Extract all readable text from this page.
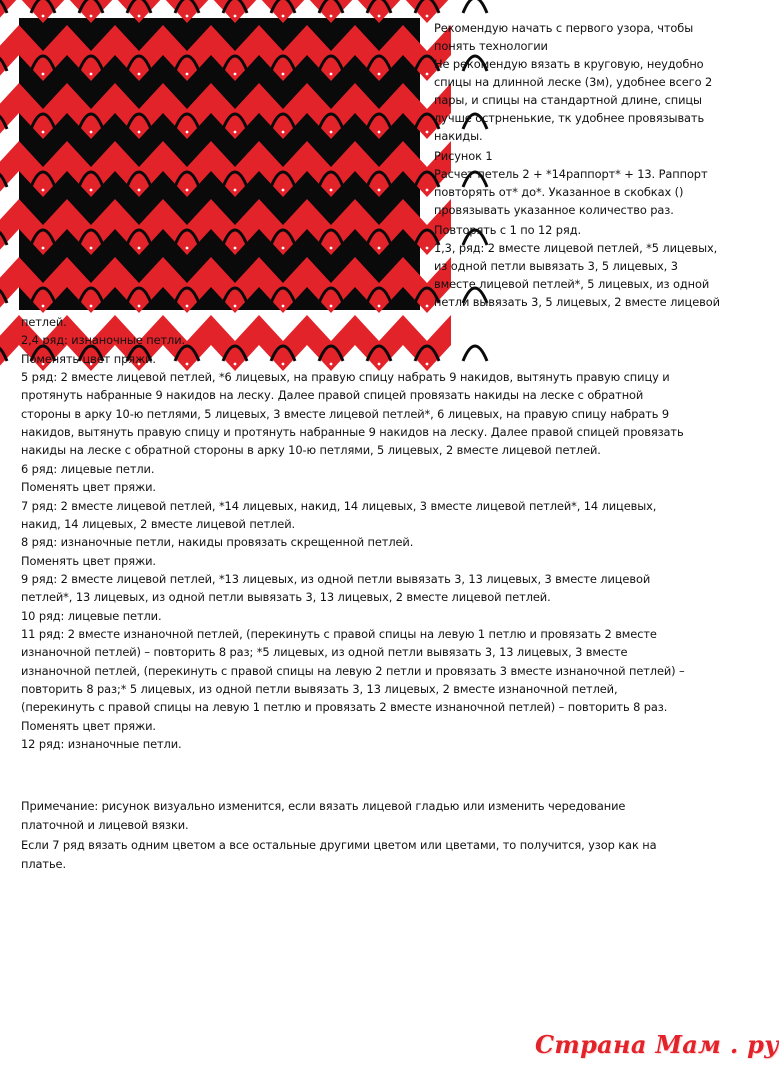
Рекомендую начать с первого узора, чтобы
понять технологии
Не рекомендую вязать в круговую, неудобно
спицы на длинной леске (3м), удобнее всего 2
пары, и спицы на стандартной длине, спицы
лучше острненькие, тк удобнее провязывать
накиды.
Рисунок 1
Расчет петель 2 + *14раппорт* + 13. Раппорт
повторять от* до*. Указанное в скобках ()
провязывать указанное количество раз.
Повторять с 1 по 12 ряд.
1,3, ряд: 2 вместе лицевой петлей, *5 лицевых,
из одной петли вывязать 3, 5 лицевых, 3
вместе лицевой петлей*, 5 лицевых, из одной
петли вывязать 3, 5 лицевых, 2 вместе лицевой
петлей.
2,4 ряд: изнаночные петли.
Поменять цвет пряжи.
5 ряд: 2 вместе лицевой петлей, *6 лицевых, на правую спицу набрать 9 накидов, вытянуть правую спицу и
протянуть набранные 9 накидов на леску. Далее правой спицей провязать накиды на леске с обратной
стороны в арку 10-ю петлями, 5 лицевых, 3 вместе лицевой петлей*, 6 лицевых, на правую спицу набрать 9
накидов, вытянуть правую спицу и протянуть набранные 9 накидов на леску. Далее правой спицей провязать
накиды на леске с обратной стороны в арку 10-ю петлями, 5 лицевых, 2 вместе лицевой петлей.
6 ряд: лицевые петли.
Поменять цвет пряжи.
7 ряд: 2 вместе лицевой петлей, *14 лицевых, накид, 14 лицевых, 3 вместе лицевой петлей*, 14 лицевых,
накид, 14 лицевых, 2 вместе лицевой петлей.
8 ряд: изнаночные петли, накиды провязать скрещенной петлей.
Поменять цвет пряжи.
9 ряд: 2 вместе лицевой петлей, *13 лицевых, из одной петли вывязать 3, 13 лицевых, 3 вместе лицевой
петлей*, 13 лицевых, из одной петли вывязать 3, 13 лицевых, 2 вместе лицевой петлей.
10 ряд: лицевые петли.
11 ряд: 2 вместе изнаночной петлей, (перекинуть с правой спицы на левую 1 петлю и провязать 2 вместе
изнаночной петлей) – повторить 8 раз; *5 лицевых, из одной петли вывязать 3, 13 лицевых, 3 вместе
изнаночной петлей, (перекинуть с правой спицы на левую 2 петли и провязать 3 вместе изнаночной петлей) –
повторить 8 раз;* 5 лицевых, из одной петли вывязать 3, 13 лицевых, 2 вместе изнаночной петлей,
(перекинуть с правой спицы на левую 1 петлю и провязать 2 вместе изнаночной петлей) – повторить 8 раз.
Поменять цвет пряжи.
12 ряд: изнаночные петли.
Примечание: рисунок визуально изменится, если вязать лицевой гладью или изменить чередование
платочной и лицевой вязки.
Если 7 ряд вязать одним цветом а все остальные другими цветом или цветами, то получится, узор как на
платье.
Страна Мам . ру
